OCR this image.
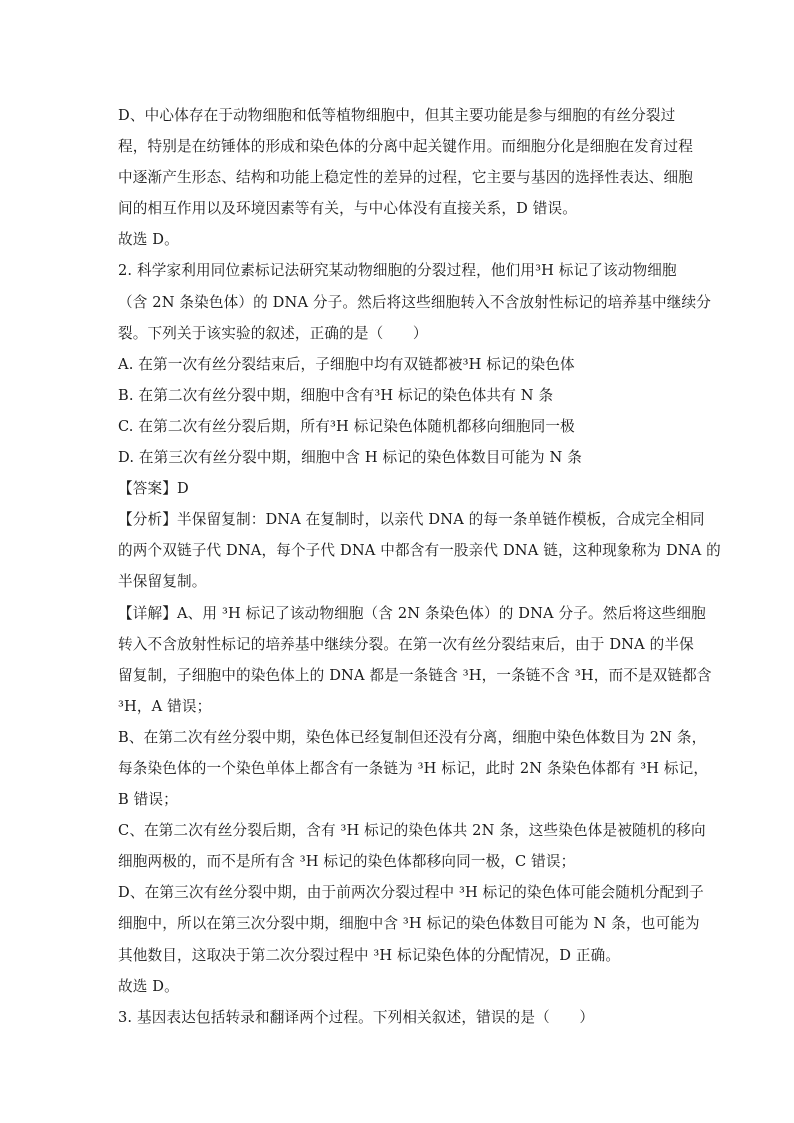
D、中心体存在于动物细胞和低等植物细胞中，但其主要功能是参与细胞的有丝分裂过
程，特别是在纺锤体的形成和染色体的分离中起关键作用。而细胞分化是细胞在发育过程
中逐渐产生形态、结构和功能上稳定性的差异的过程，它主要与基因的选择性表达、细胞
间的相互作用以及环境因素等有关，与中心体没有直接关系，D 错误。
故选 D。
2. 科学家利用同位素标记法研究某动物细胞的分裂过程，他们用³H 标记了该动物细胞
（含 2N 条染色体）的 DNA 分子。然后将这些细胞转入不含放射性标记的培养基中继续分
裂。下列关于该实验的叙述，正确的是（　　）
A. 在第一次有丝分裂结束后，子细胞中均有双链都被³H 标记的染色体
B. 在第二次有丝分裂中期，细胞中含有³H 标记的染色体共有 N 条
C. 在第二次有丝分裂后期，所有³H 标记染色体随机都移向细胞同一极
D. 在第三次有丝分裂中期，细胞中含 H 标记的染色体数目可能为 N 条
【答案】D
【分析】半保留复制：DNA 在复制时，以亲代 DNA 的每一条单链作模板，合成完全相同
的两个双链子代 DNA，每个子代 DNA 中都含有一股亲代 DNA 链，这种现象称为 DNA 的
半保留复制。
【详解】A、用 ³H 标记了该动物细胞（含 2N 条染色体）的 DNA 分子。然后将这些细胞
转入不含放射性标记的培养基中继续分裂。在第一次有丝分裂结束后，由于 DNA 的半保
留复制，子细胞中的染色体上的 DNA 都是一条链含 ³H，一条链不含 ³H，而不是双链都含
³H，A 错误；
B、在第二次有丝分裂中期，染色体已经复制但还没有分离，细胞中染色体数目为 2N 条，
每条染色体的一个染色单体上都含有一条链为 ³H 标记，此时 2N 条染色体都有 ³H 标记，
B 错误；
C、在第二次有丝分裂后期，含有 ³H 标记的染色体共 2N 条，这些染色体是被随机的移向
细胞两极的，而不是所有含 ³H 标记的染色体都移向同一极，C 错误；
D、在第三次有丝分裂中期，由于前两次分裂过程中 ³H 标记的染色体可能会随机分配到子
细胞中，所以在第三次分裂中期，细胞中含 ³H 标记的染色体数目可能为 N 条，也可能为
其他数目，这取决于第二次分裂过程中 ³H 标记染色体的分配情况，D 正确。
故选 D。
3. 基因表达包括转录和翻译两个过程。下列相关叙述，错误的是（　　）
